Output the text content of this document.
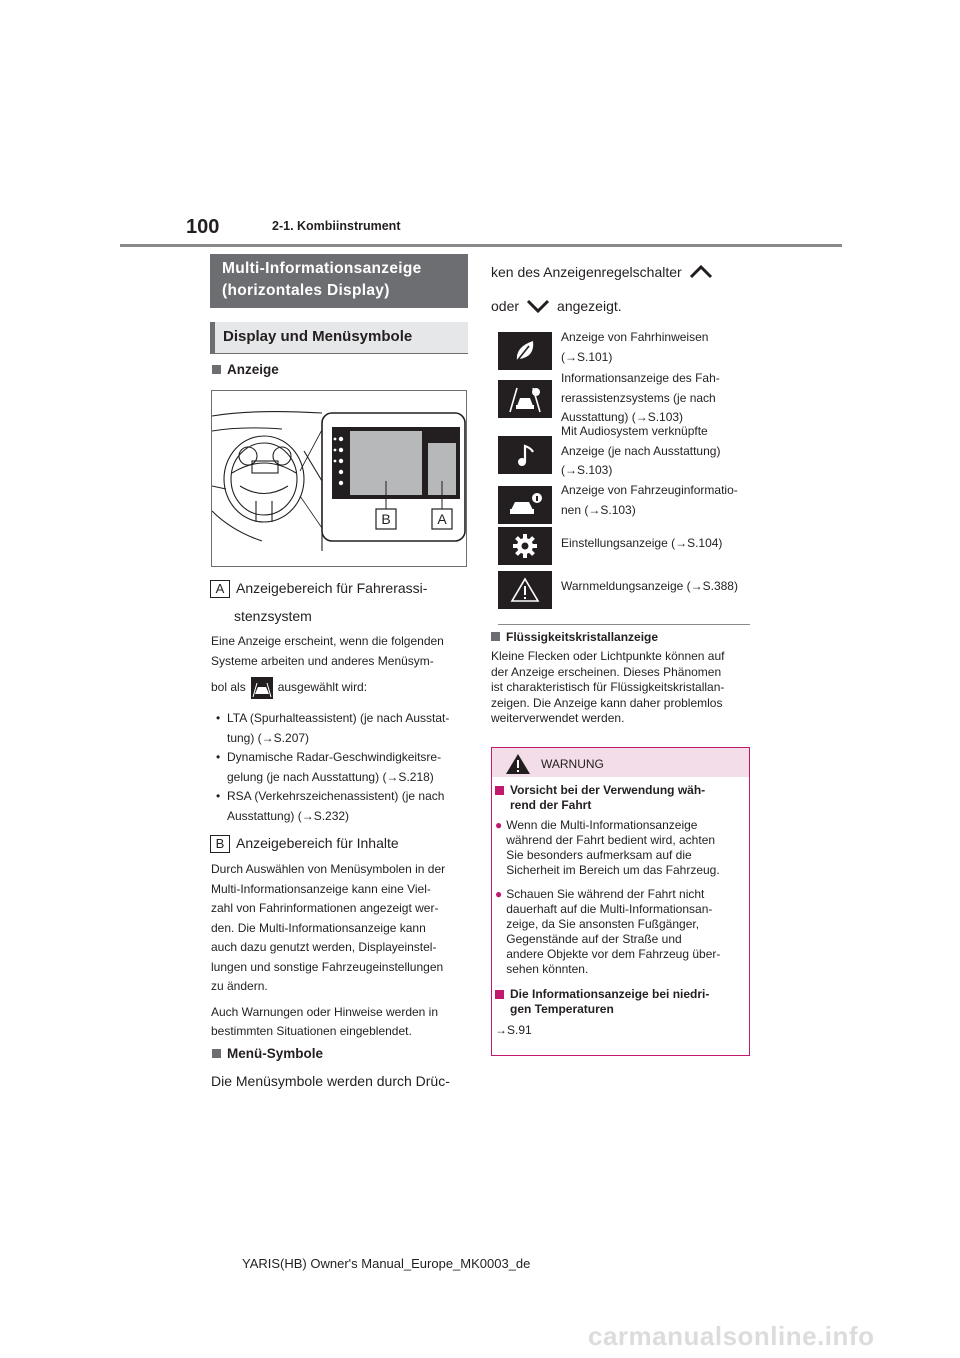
100	2-1. Kombiinstrument
Multi-Informationsanzeige
(horizontales Display)
Display und Menüsymbole
Anzeige
B	A
A Anzeigebereich für Fahrerassi-
stenzsystem
Eine Anzeige erscheint, wenn die folgenden
Systeme arbeiten und anderes Menüsym-
bol als	ausgewählt wird:
• LTA (Spurhalteassistent) (je nach Ausstat-
tung) (→S.207)
• Dynamische Radar-Geschwindigkeitsre-
gelung (je nach Ausstattung) (→S.218)
• RSA (Verkehrszeichenassistent) (je nach
Ausstattung) (→S.232)
B Anzeigebereich für Inhalte
Durch Auswählen von Menüsymbolen in der
Multi-Informationsanzeige kann eine Viel-
zahl von Fahrinformationen angezeigt wer-
den. Die Multi-Informationsanzeige kann
auch dazu genutzt werden, Displayeinstel-
lungen und sonstige Fahrzeugeinstellungen
zu ändern.
Auch Warnungen oder Hinweise werden in
bestimmten Situationen eingeblendet.
Menü-Symbole
Die Menüsymbole werden durch Drüc-
ken des Anzeigenregelschalter
oder	angezeigt.
Anzeige von Fahrhinweisen
(→S.101)
Informationsanzeige des Fah-
rerassistenzsystems (je nach
Ausstattung) (→S.103)
Mit Audiosystem verknüpfte
Anzeige (je nach Ausstattung)
(→S.103)
Anzeige von Fahrzeuginformatio-
nen (→S.103)
Einstellungsanzeige (→S.104)
Warnmeldungsanzeige (→S.388)
Flüssigkeitskristallanzeige
Kleine Flecken oder Lichtpunkte können auf
der Anzeige erscheinen. Dieses Phänomen
ist charakteristisch für Flüssigkeitskristallan-
zeigen. Die Anzeige kann daher problemlos
weiterverwendet werden.
WARNUNG
Vorsicht bei der Verwendung wäh-
rend der Fahrt
● Wenn die Multi-Informationsanzeige
während der Fahrt bedient wird, achten
Sie besonders aufmerksam auf die
Sicherheit im Bereich um das Fahrzeug.
● Schauen Sie während der Fahrt nicht
dauerhaft auf die Multi-Informationsan-
zeige, da Sie ansonsten Fußgänger,
Gegenstände auf der Straße und
andere Objekte vor dem Fahrzeug über-
sehen könnten.
Die Informationsanzeige bei niedri-
gen Temperaturen
→S.91
YARIS(HB) Owner's Manual_Europe_MK0003_de
carmanualsonline.info
